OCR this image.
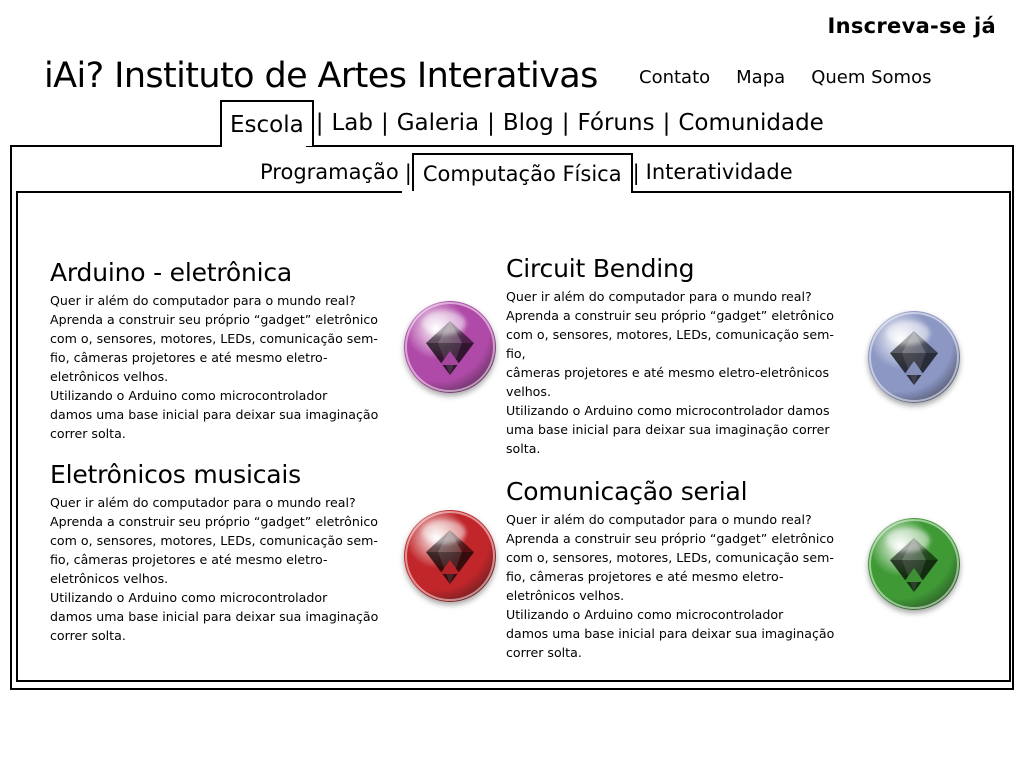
Inscreva-se já
iAi? Instituto de Artes Interativas Contato Mapa Quem Somos
Escola | Lab | Galeria | Blog | Fóruns | Comunidade
Programação | Computação Física | Interatividade
Arduino - eletrônica

Quer ir além do computador para o mundo real?
Aprenda a construir seu próprio “gadget” eletrônico
com o, sensores, motores, LEDs, comunicação sem-
fio, câmeras projetores e até mesmo eletro-
eletrônicos velhos.
Utilizando o Arduino como microcontrolador
damos uma base inicial para deixar sua imaginação
correr solta.

Circuit Bending

Quer ir além do computador para o mundo real?
Aprenda a construir seu próprio “gadget” eletrônico
com o, sensores, motores, LEDs, comunicação sem-fio,
câmeras projetores e até mesmo eletro-eletrônicos
velhos.
Utilizando o Arduino como microcontrolador damos
uma base inicial para deixar sua imaginação correr
solta.

Eletrônicos musicais

Quer ir além do computador para o mundo real?
Aprenda a construir seu próprio “gadget” eletrônico
com o, sensores, motores, LEDs, comunicação sem-
fio, câmeras projetores e até mesmo eletro-
eletrônicos velhos.
Utilizando o Arduino como microcontrolador
damos uma base inicial para deixar sua imaginação
correr solta.

Comunicação serial

Quer ir além do computador para o mundo real?
Aprenda a construir seu próprio “gadget” eletrônico
com o, sensores, motores, LEDs, comunicação sem-
fio, câmeras projetores e até mesmo eletro-
eletrônicos velhos.
Utilizando o Arduino como microcontrolador
damos uma base inicial para deixar sua imaginação
correr solta.
